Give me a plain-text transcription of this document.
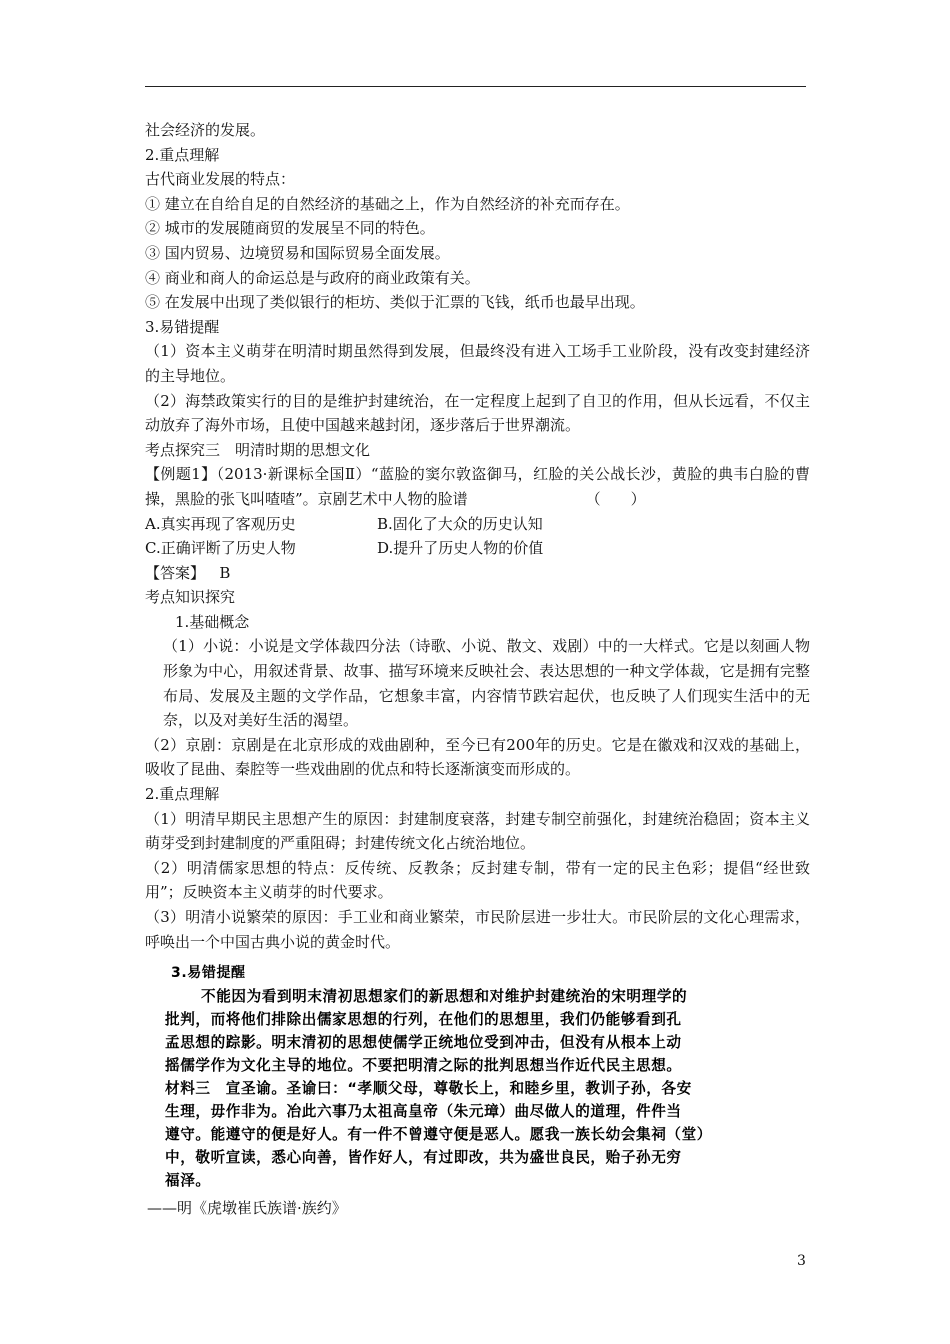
社会经济的发展。
2.重点理解
古代商业发展的特点：
① 建立在自给自足的自然经济的基础之上，作为自然经济的补充而存在。
② 城市的发展随商贸的发展呈不同的特色。
③ 国内贸易、边境贸易和国际贸易全面发展。
④ 商业和商人的命运总是与政府的商业政策有关。
⑤ 在发展中出现了类似银行的柜坊、类似于汇票的飞钱，纸币也最早出现。
3.易错提醒
（1）资本主义萌芽在明清时期虽然得到发展，但最终没有进入工场手工业阶段，没有改变封建经济的主导地位。
（2）海禁政策实行的目的是维护封建统治，在一定程度上起到了自卫的作用，但从长远看，不仅主动放弃了海外市场，且使中国越来越封闭，逐步落后于世界潮流。
考点探究三　明清时期的思想文化
【例题1】（2013·新课标全国Ⅱ）“蓝脸的窦尔敦盗御马，红脸的关公战长沙，黄脸的典韦白脸的曹操，黑脸的张飞叫喳喳”。京剧艺术中人物的脸谱	（　　）
A.真实再现了客观历史	B.固化了大众的历史认知
C.正确评断了历史人物	D.提升了历史人物的价值
【答案】 B
考点知识探究
1.基础概念
（1）小说：小说是文学体裁四分法（诗歌、小说、散文、戏剧）中的一大样式。它是以刻画人物形象为中心，用叙述背景、故事、描写环境来反映社会、表达思想的一种文学体裁，它是拥有完整布局、发展及主题的文学作品，它想象丰富，内容情节跌宕起伏，也反映了人们现实生活中的无奈，以及对美好生活的渴望。
（2）京剧：京剧是在北京形成的戏曲剧种，至今已有200年的历史。它是在徽戏和汉戏的基础上，吸收了昆曲、秦腔等一些戏曲剧的优点和特长逐渐演变而形成的。
2.重点理解
（1）明清早期民主思想产生的原因：封建制度衰落，封建专制空前强化，封建统治稳固；资本主义萌芽受到封建制度的严重阻碍；封建传统文化占统治地位。
（2）明清儒家思想的特点：反传统、反教条；反封建专制，带有一定的民主色彩；提倡“经世致用”；反映资本主义萌芽的时代要求。
（3）明清小说繁荣的原因：手工业和商业繁荣，市民阶层进一步壮大。市民阶层的文化心理需求，呼唤出一个中国古典小说的黄金时代。
3.易错提醒
不能因为看到明末清初思想家们的新思想和对维护封建统治的宋明理学的
批判，而将他们排除出儒家思想的行列，在他们的思想里，我们仍能够看到孔
孟思想的踪影。明末清初的思想使儒学正统地位受到冲击，但没有从根本上动
摇儒学作为文化主导的地位。不要把明清之际的批判思想当作近代民主思想。
材料三　宣圣谕。圣谕曰：“孝顺父母，尊敬长上，和睦乡里，教训子孙，各安
生理，毋作非为。冶此六事乃太祖高皇帝（朱元璋）曲尽做人的道理，件件当
遵守。能遵守的便是好人。有一件不曾遵守便是恶人。愿我一族长幼会集祠（堂）
中，敬听宣读，悉心向善，皆作好人，有过即改，共为盛世良民，贻子孙无穷
福泽。
——明《虎墩崔氏族谱·族约》
3
